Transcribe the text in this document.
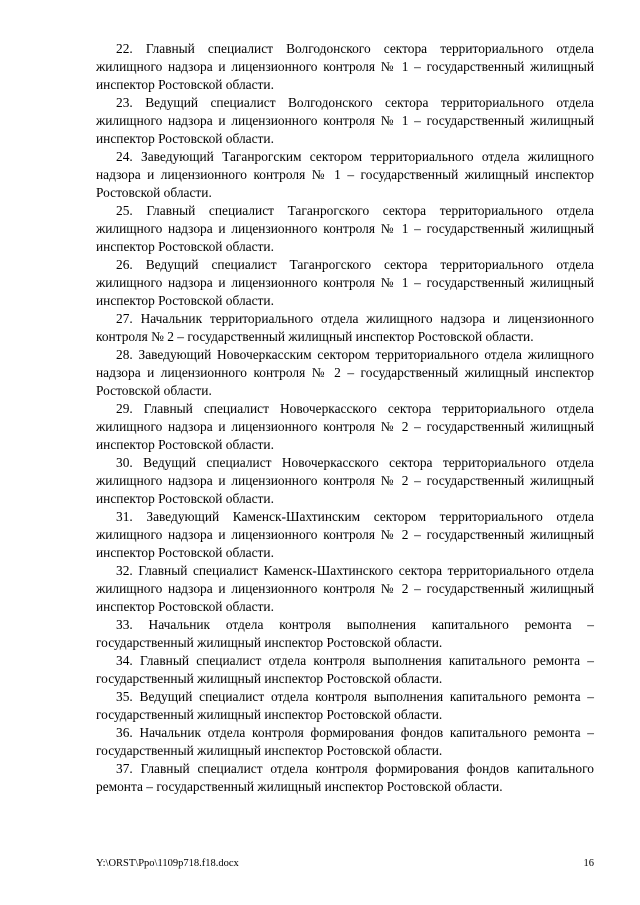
22. Главный специалист Волгодонского сектора территориального отдела жилищного надзора и лицензионного контроля № 1 – государственный жилищный инспектор Ростовской области.

23. Ведущий специалист Волгодонского сектора территориального отдела жилищного надзора и лицензионного контроля № 1 – государственный жилищный инспектор Ростовской области.

24. Заведующий Таганрогским сектором территориального отдела жилищного надзора и лицензионного контроля № 1 – государственный жилищный инспектор Ростовской области.

25. Главный специалист Таганрогского сектора территориального отдела жилищного надзора и лицензионного контроля № 1 – государственный жилищный инспектор Ростовской области.

26. Ведущий специалист Таганрогского сектора территориального отдела жилищного надзора и лицензионного контроля № 1 – государственный жилищный инспектор Ростовской области.

27. Начальник территориального отдела жилищного надзора и лицензионного контроля № 2 – государственный жилищный инспектор Ростовской области.

28. Заведующий Новочеркасским сектором территориального отдела жилищного надзора и лицензионного контроля № 2 – государственный жилищный инспектор Ростовской области.

29. Главный специалист Новочеркасского сектора территориального отдела жилищного надзора и лицензионного контроля № 2 – государственный жилищный инспектор Ростовской области.

30. Ведущий специалист Новочеркасского сектора территориального отдела жилищного надзора и лицензионного контроля № 2 – государственный жилищный инспектор Ростовской области.

31. Заведующий Каменск-Шахтинским сектором территориального отдела жилищного надзора и лицензионного контроля № 2 – государственный жилищный инспектор Ростовской области.

32. Главный специалист Каменск-Шахтинского сектора территориального отдела жилищного надзора и лицензионного контроля № 2 – государственный жилищный инспектор Ростовской области.

33. Начальник отдела контроля выполнения капитального ремонта – государственный жилищный инспектор Ростовской области.

34. Главный специалист отдела контроля выполнения капитального ремонта – государственный жилищный инспектор Ростовской области.

35. Ведущий специалист отдела контроля выполнения капитального ремонта – государственный жилищный инспектор Ростовской области.

36. Начальник отдела контроля формирования фондов капитального ремонта – государственный жилищный инспектор Ростовской области.

37. Главный специалист отдела контроля формирования фондов капитального ремонта – государственный жилищный инспектор Ростовской области.

Y:\ORST\Ppo\1109p718.f18.docx	16
